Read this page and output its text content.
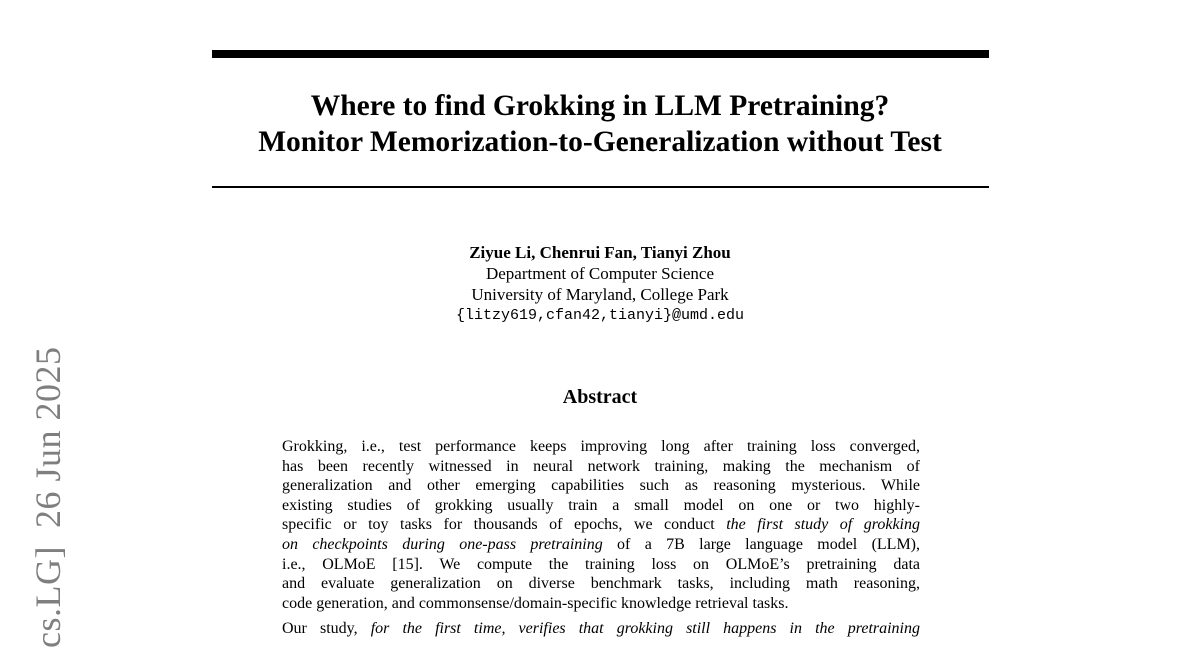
cs.LG]26 Jun 2025
Where to find Grokking in LLM Pretraining?
Monitor Memorization-to-Generalization without Test
Ziyue Li, Chenrui Fan, Tianyi Zhou
Department of Computer Science
University of Maryland, College Park
{litzy619,cfan42,tianyi}@umd.edu
Abstract
Grokking, i.e., test performance keeps improving long after training loss converged,
has been recently witnessed in neural network training, making the mechanism of
generalization and other emerging capabilities such as reasoning mysterious. While
existing studies of grokking usually train a small model on one or two highly-
specific or toy tasks for thousands of epochs, we conduct the first study of grokking
on checkpoints during one-pass pretraining of a 7B large language model (LLM),
i.e., OLMoE [15]. We compute the training loss on OLMoE’s pretraining data
and evaluate generalization on diverse benchmark tasks, including math reasoning,
code generation, and commonsense/domain-specific knowledge retrieval tasks.
Our study, for the first time, verifies that grokking still happens in the pretraining
